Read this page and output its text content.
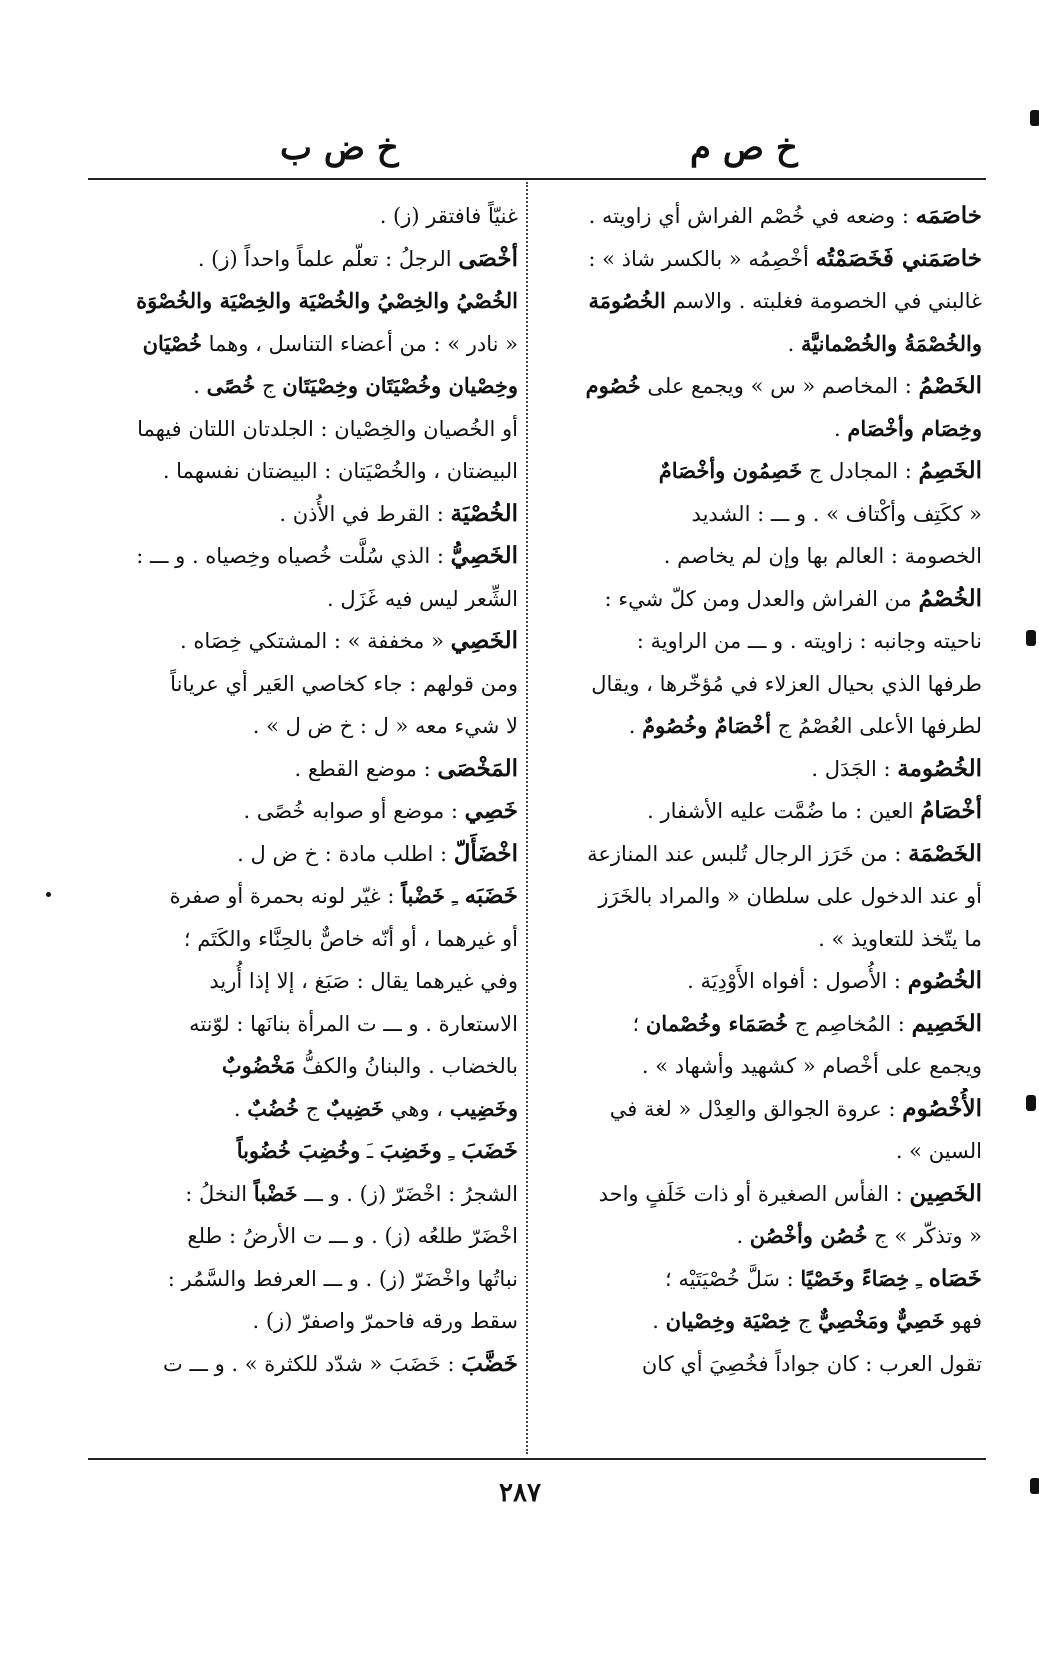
خ ص م
خ ض ب
خاصَمَه : وضعه في خُصْم الفراش أي زاويته .
خاصَمَني فَخَصَمْتُه أخْصِمُه « بالكسر شاذ » :
غالبني في الخصومة فغلبته . والاسم الخُصُومَة
والخُصْمَةُ والخُصْمانيَّة .
الخَصْمُ : المخاصم « س » ويجمع على خُصُوم
وخِصَام وأخْصَام .
الخَصِمُ : المجادل ج خَصِمُون وأخْصَامٌ
« ككَتِف وأكْتاف » . و ـــ : الشديد
الخصومة : العالم بها وإن لم يخاصم .
الخُصْمُ من الفراش والعدل ومن كلّ شيء :
ناحيته وجانبه : زاويته . و ـــ من الراوية :
طرفها الذي بحيال العزلاء في مُؤخّرها ، ويقال
لطرفها الأعلى العُصْمُ ج أخْصَامٌ وخُصُومٌ .
الخُصُومة : الجَدَل .
أخْصَامُ العين : ما ضُمَّت عليه الأشفار .
الخَصْمَة : من خَرَز الرجال تُلبس عند المنازعة
أو عند الدخول على سلطان « والمراد بالخَرَز
ما يتّخذ للتعاويذ » .
الخُصُوم : الأُصول : أفواه الأَوْدِيَة .
الخَصِيم : المُخاصِم ج خُصَمَاء وخُصْمان ؛
ويجمع على أخْصام « كشهيد وأشهاد » .
الأُخْصُوم : عروة الجوالق والعِدْل « لغة في
السين » .
الخَصِين : الفأس الصغيرة أو ذات خَلَفٍ واحد
« وتذكّر » ج خُصُن وأخْصُن .
خَصَاه ـِ خِصَاءً وخَصْيًا : سَلَّ خُصْيَتَيْه ؛
فهو خَصِيٌّ ومَخْصِيٌّ ج خِصْيَة وخِصْيان .
تقول العرب : كان جواداً فخُصِيَ أي كان
غنيّاً فافتقر (ز) .
أخْصَى الرجلُ : تعلّم علماً واحداً (ز) .
الخُصْيُ والخِصْيُ والخُصْيَة والخِصْيَة والخُصْوَة
« نادر » : من أعضاء التناسل ، وهما خُصْيَان
وخِصْيان وخُصْيَتَان وخِصْيَتَان ج خُصًى .
أو الخُصيان والخِصْيان : الجلدتان اللتان فيهما
البيضتان ، والخُصْيَتان : البيضتان نفسهما .
الخُصْيَة : القرط في الأُذن .
الخَصِيُّ : الذي سُلَّت خُصياه وخِصياه . و ـــ :
الشِّعر ليس فيه غَزَل .
الخَصِي « مخففة » : المشتكي خِصَاه .
ومن قولهم : جاء كخاصي العَير أي عرياناً
لا شيء معه « ل : خ ض ل » .
المَخْصَى : موضع القطع .
خَصِي : موضع أو صوابه خُصًى .
اخْضَأَلّ : اطلب مادة : خ ض ل .
خَضَبَه ـِ خَضْباً : غيّر لونه بحمرة أو صفرة
أو غيرهما ، أو أنّه خاصٌّ بالحِنَّاء والكَتَم ؛
وفي غيرهما يقال : صَبَغ ، إلا إذا أُريد
الاستعارة . و ـــ ت المرأة بنانَها : لوّنته
بالخضاب . والبنانُ والكفُّ مَخْضُوبٌ
وخَضِيب ، وهي خَضِيبٌ ج خُضُبٌ .
خَضَبَ ـِ وخَضِبَ ـَ وخُضِبَ خُضُوباً
الشجرُ : اخْضَرّ (ز) . و ـــ خَضْباً النخلُ :
اخْضَرّ طلعُه (ز) . و ـــ ت الأرضُ : طلع
نباتُها واخْضَرّ (ز) . و ـــ العرفط والسَّمُر :
سقط ورقه فاحمرّ واصفرّ (ز) .
خَضَّبَ : خَضَبَ « شدّد للكثرة » . و ـــ ت
٢٨٧
